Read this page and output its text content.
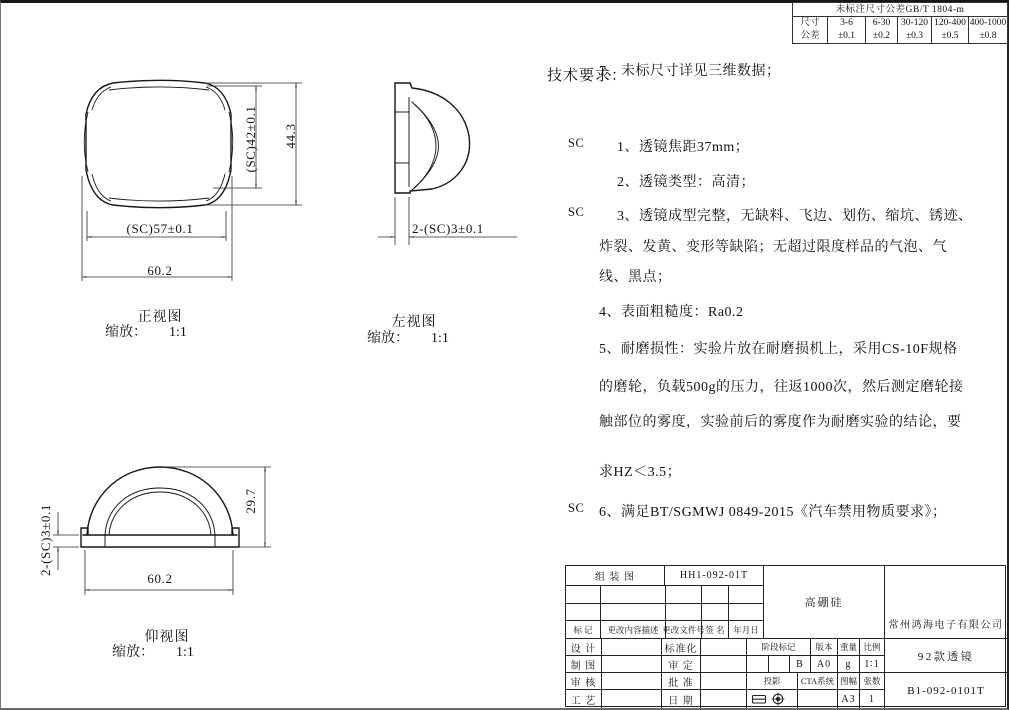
未标注尺寸公差GB/T 1804-m
尺寸	3-6	6-30	30-120 120-400 400-1000
公差	±0.1	±0.2	±0.3	±0.5	±0.8
(SC)57±0.1
60.2
(SC)42±0.1 44.3
正视图
缩放： 1:1
2-(SC)3±0.1
左视图
缩放： 1:1
29.7
60.2
2-(SC)3±0.1
仰视图
缩放： 1:1
技术要求：
SC 1、透镜焦距37mm；
2、透镜类型：高清；
SC 3、透镜成型完整，无缺料、飞边、划伤、缩坑、锈迹、
炸裂、发黄、变形等缺陷；无超过限度样品的气泡、气
线、黑点；
4、表面粗糙度：Ra0.2
5、耐磨损性：实验片放在耐磨损机上，采用CS-10F规格
的磨轮，负载500g的压力，往返1000次，然后测定磨轮接
触部位的雾度，实验前后的雾度作为耐磨实验的结论，要
求HZ＜3.5；
SC 6、满足BT/SGMWJ 0849-2015《汽车禁用物质要求》；
7、未标尺寸详见三维数据；
组 装 图	HH1-092-01T
标 记	更改内容描述 更改文件号 签 名	年月日
高硼硅
常州鸿海电子有限公司
设 计	标准化
制 图	审 定
审 核	批 准
工 艺	日 期
阶段标记	版本 重量 比例
B	A0	g	1∶1
投影	CTA系统 图幅 张数
A3	1
92款透镜
B1-092-0101T
